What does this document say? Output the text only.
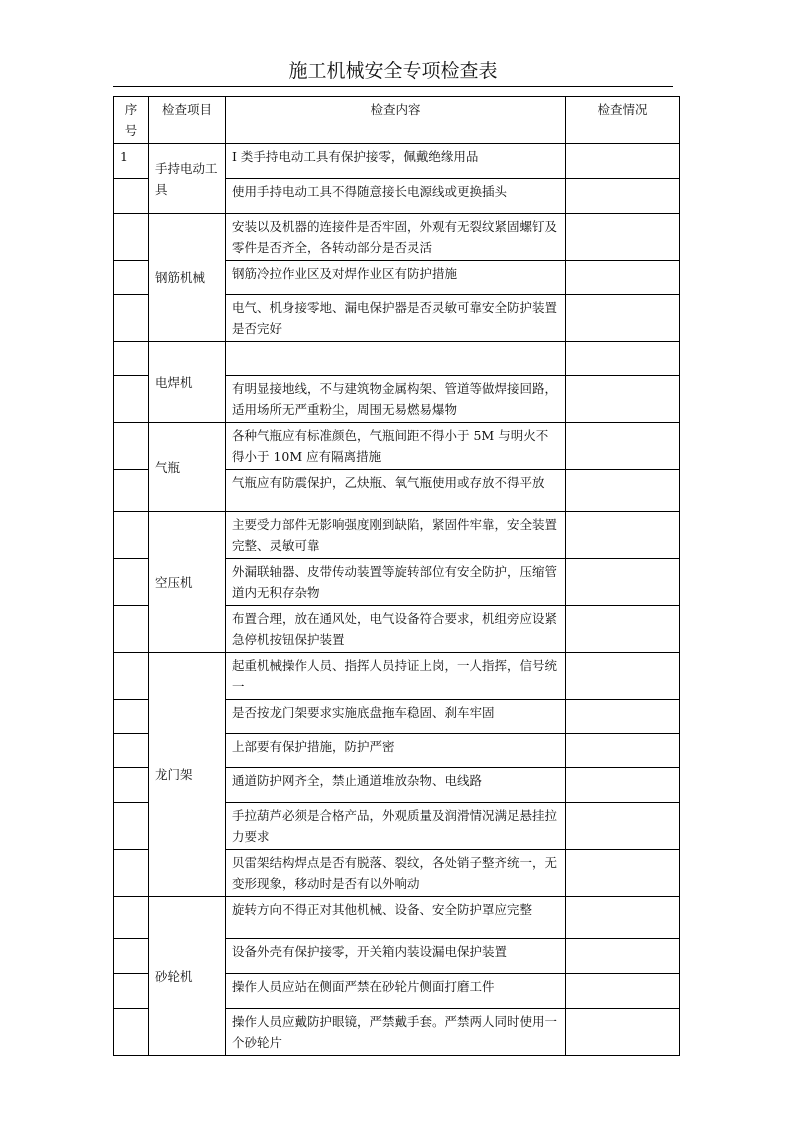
施工机械安全专项检查表
序号	检查项目	检查内容	检查情况
1	手持电动工具	I 类手持电动工具有保护接零，佩戴绝缘用品	
		使用手持电动工具不得随意接长电源线或更换插头	
	钢筋机械	安装以及机器的连接件是否牢固，外观有无裂纹紧固螺钉及零件是否齐全，各转动部分是否灵活	
		钢筋冷拉作业区及对焊作业区有防护措施	
		电气、机身接零地、漏电保护器是否灵敏可靠安全防护装置是否完好	
	电焊机		
		有明显接地线，不与建筑物金属构架、管道等做焊接回路，适用场所无严重粉尘，周围无易燃易爆物	
	气瓶	各种气瓶应有标准颜色，气瓶间距不得小于 5M 与明火不得小于 10M 应有隔离措施	
		气瓶应有防震保护，乙炔瓶、氧气瓶使用或存放不得平放	
	空压机	主要受力部件无影响强度刚到缺陷，紧固件牢靠，安全装置完整、灵敏可靠	
		外漏联轴器、皮带传动装置等旋转部位有安全防护，压缩管道内无积存杂物	
		布置合理，放在通风处，电气设备符合要求，机组旁应设紧急停机按钮保护装置	
	龙门架	起重机械操作人员、指挥人员持证上岗，一人指挥，信号统一	
		是否按龙门架要求实施底盘拖车稳固、刹车牢固	
		上部要有保护措施，防护严密	
		通道防护网齐全，禁止通道堆放杂物、电线路	
		手拉葫芦必须是合格产品，外观质量及润滑情况满足悬挂拉力要求	
		贝雷架结构焊点是否有脱落、裂纹，各处销子整齐统一，无变形现象，移动时是否有以外响动	
	砂轮机	旋转方向不得正对其他机械、设备、安全防护罩应完整	
		设备外壳有保护接零，开关箱内装设漏电保护装置	
		操作人员应站在侧面严禁在砂轮片侧面打磨工件	
		操作人员应戴防护眼镜，严禁戴手套。严禁两人同时使用一个砂轮片	
